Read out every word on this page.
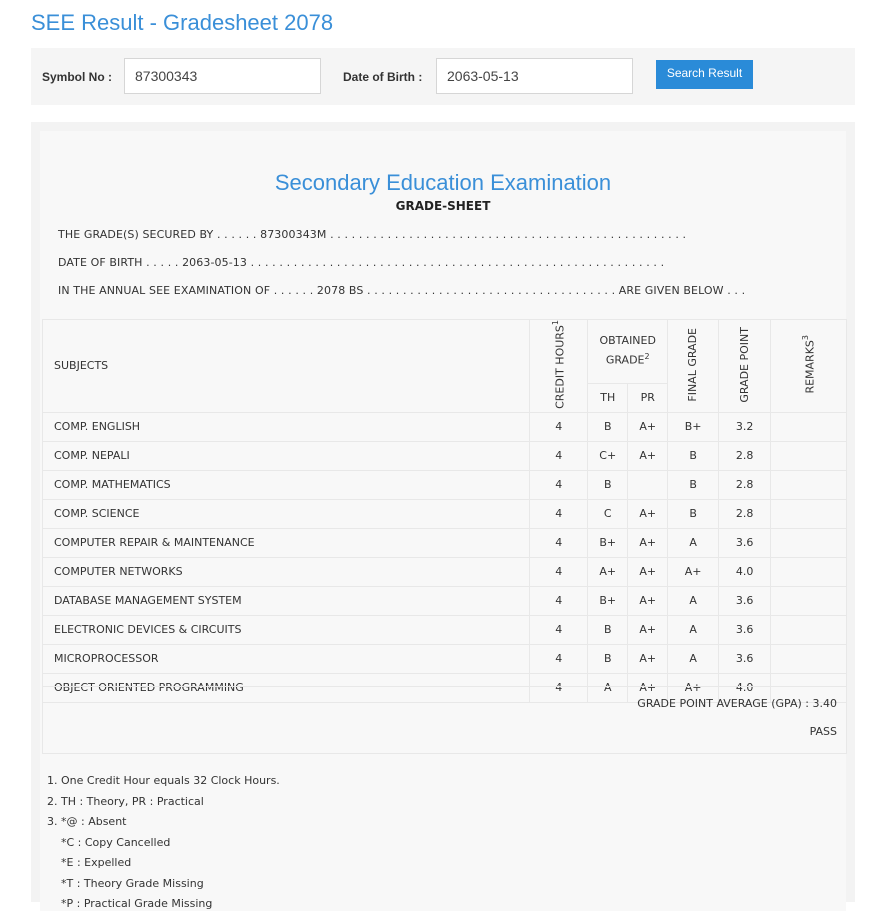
SEE Result - Gradesheet 2078
Symbol No :
87300343	Date of Birth :
2063-05-13	Search Result
Secondary Education Examination
GRADE-SHEET
THE GRADE(S) SECURED BY . . . . . . 87300343M . . . . . . . . . . . . . . . . . . . . . . . . . . . . . . . . . . . . . . . . . . . . . . . . . .
DATE OF BIRTH . . . . . 2063-05-13 . . . . . . . . . . . . . . . . . . . . . . . . . . . . . . . . . . . . . . . . . . . . . . . . . . . . . . . . . .
IN THE ANNUAL SEE EXAMINATION OF . . . . . . 2078 BS . . . . . . . . . . . . . . . . . . . . . . . . . . . . . . . . . . . ARE GIVEN BELOW . . .
SUBJECTS	CREDIT HOURS$^1$	OBTAINED GRADE$^2$		FINAL GRADE	GRADE POINT	REMARKS$^3$
		TH	PR			
COMP. ENGLISH	4	B	A+	B+	3.2	
COMP. NEPALI	4	C+	A+	B	2.8	
COMP. MATHEMATICS	4	B		B	2.8	
COMP. SCIENCE	4	C	A+	B	2.8	
COMPUTER REPAIR & MAINTENANCE	4	B+	A+	A	3.6	
COMPUTER NETWORKS	4	A+	A+	A+	4.0	
DATABASE MANAGEMENT SYSTEM	4	B+	A+	A	3.6	
ELECTRONIC DEVICES & CIRCUITS	4	B	A+	A	3.6	
MICROPROCESSOR	4	B	A+	A	3.6	
OBJECT ORIENTED PROGRAMMING	4	A	A+	A+	4.0	
GRADE POINT AVERAGE (GPA) : 3.40
PASS
1. One Credit Hour equals 32 Clock Hours.
2. TH : Theory, PR : Practical
3. *@ : Absent
*C : Copy Cancelled
*E : Expelled
*T : Theory Grade Missing
*P : Practical Grade Missing
